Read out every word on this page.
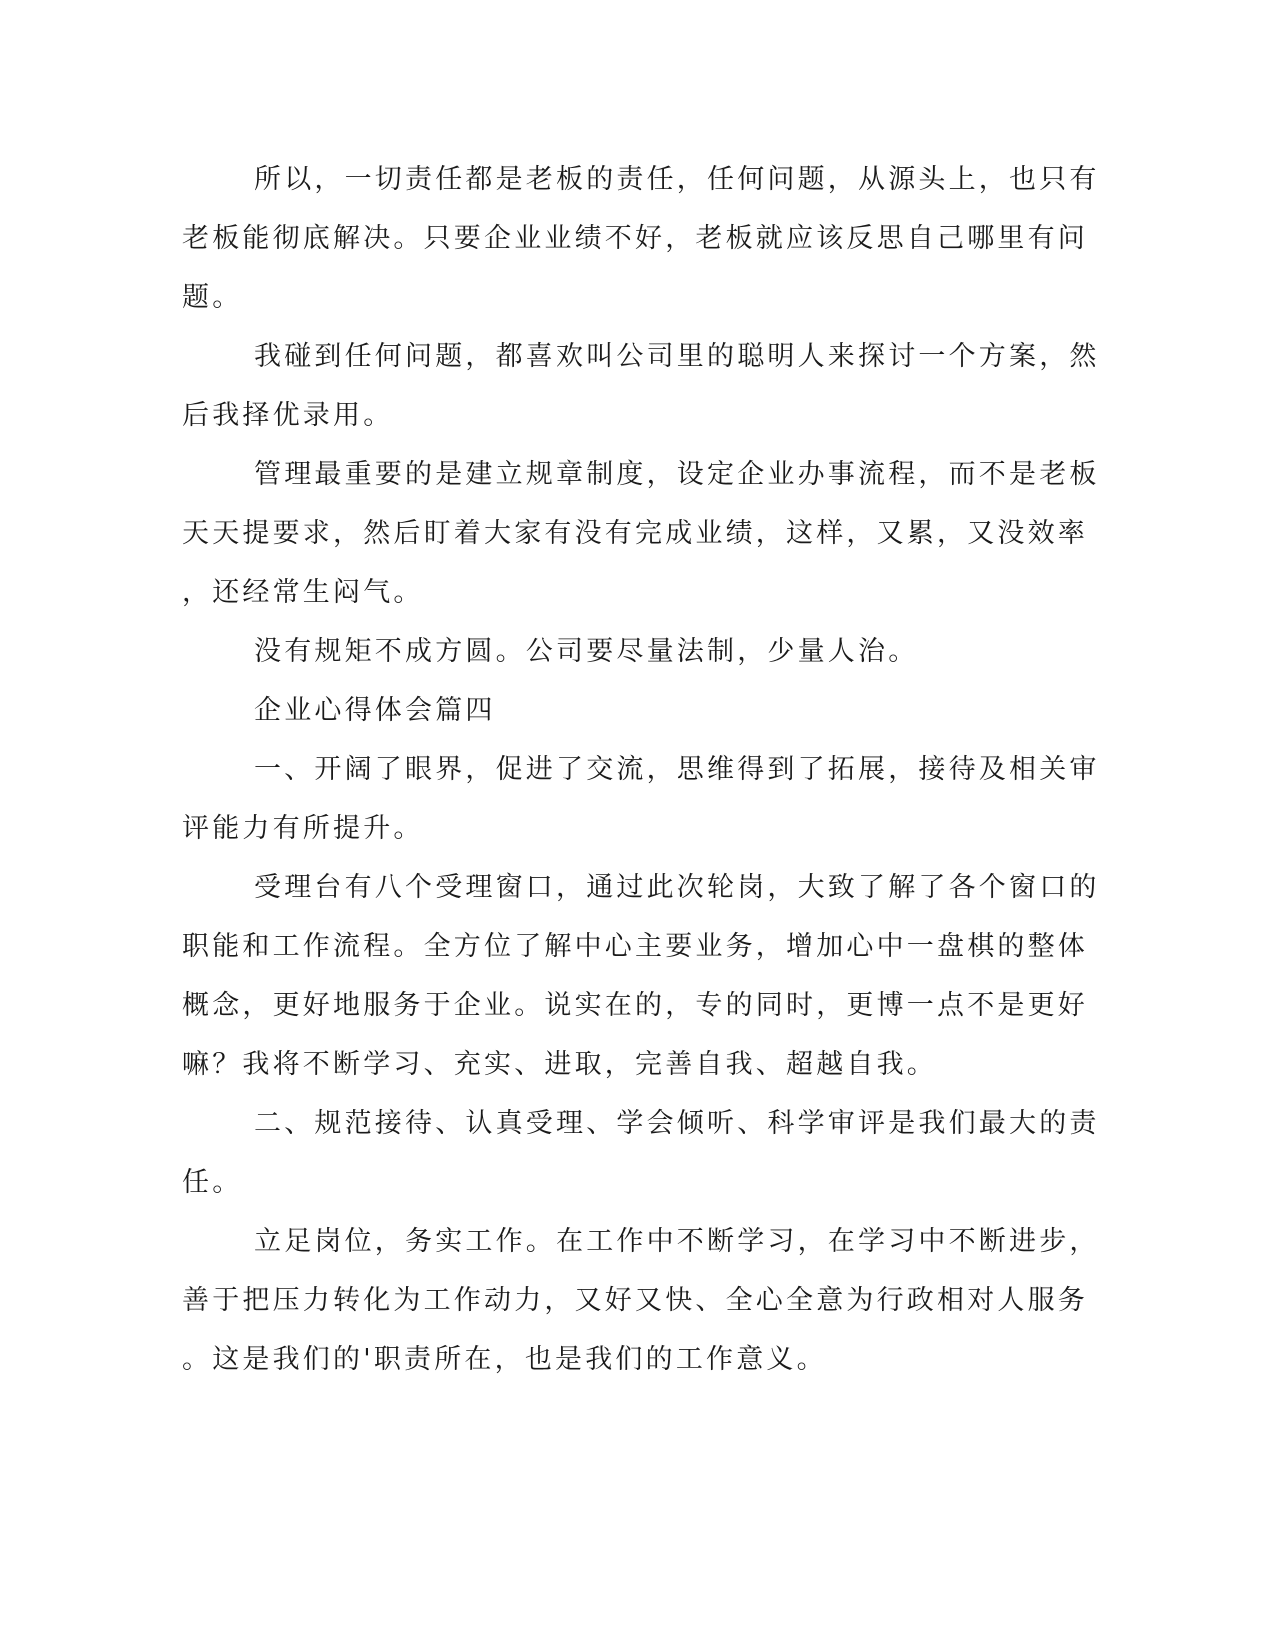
所以，一切责任都是老板的责任，任何问题，从源头上，也只有
老板能彻底解决。只要企业业绩不好，老板就应该反思自己哪里有问
题。
我碰到任何问题，都喜欢叫公司里的聪明人来探讨一个方案，然
后我择优录用。
管理最重要的是建立规章制度，设定企业办事流程，而不是老板
天天提要求，然后盯着大家有没有完成业绩，这样，又累，又没效率
，还经常生闷气。
没有规矩不成方圆。公司要尽量法制，少量人治。
企业心得体会篇四
一、开阔了眼界，促进了交流，思维得到了拓展，接待及相关审
评能力有所提升。
受理台有八个受理窗口，通过此次轮岗，大致了解了各个窗口的
职能和工作流程。全方位了解中心主要业务，增加心中一盘棋的整体
概念，更好地服务于企业。说实在的，专的同时，更博一点不是更好
嘛？我将不断学习、充实、进取，完善自我、超越自我。
二、规范接待、认真受理、学会倾听、科学审评是我们最大的责
任。
立足岗位，务实工作。在工作中不断学习，在学习中不断进步，
善于把压力转化为工作动力，又好又快、全心全意为行政相对人服务
。这是我们的'职责所在，也是我们的工作意义。
